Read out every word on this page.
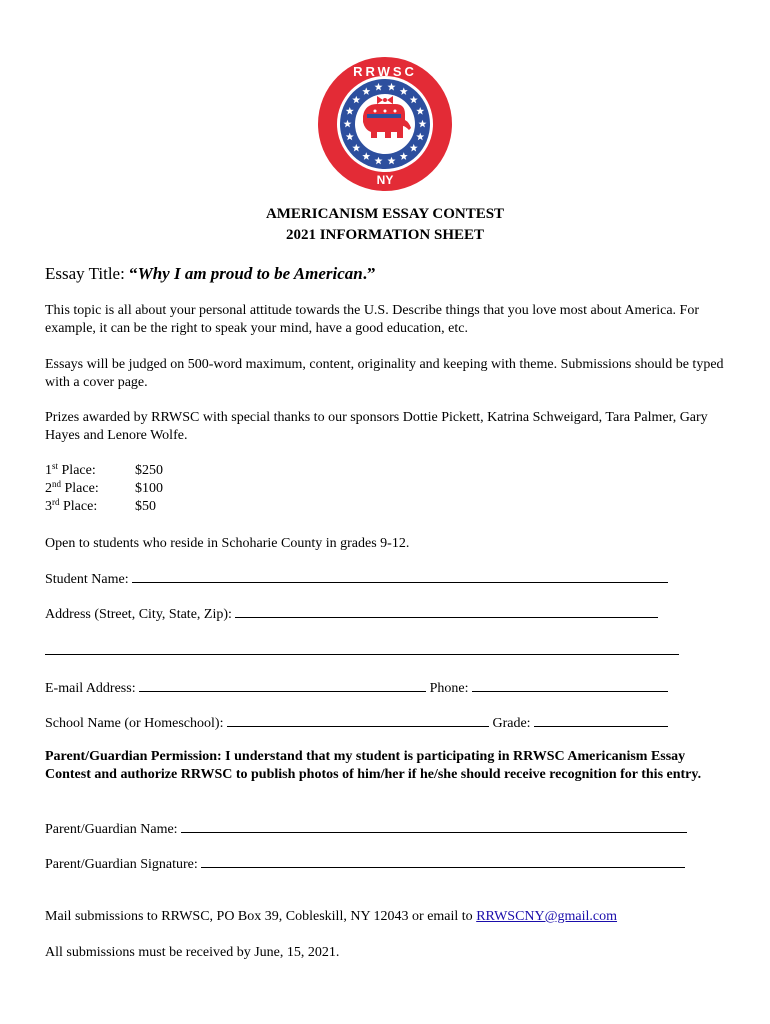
RRWSC
NY
AMERICANISM ESSAY CONTEST
2021 INFORMATION SHEET
Essay Title: “Why I am proud to be American.”
This topic is all about your personal attitude towards the U.S. Describe things that you love most about America. For example, it can be the right to speak your mind, have a good education, etc.
Essays will be judged on 500-word maximum, content, originality and keeping with theme. Submissions should be typed with a cover page.
Prizes awarded by RRWSC with special thanks to our sponsors Dottie Pickett, Katrina Schweigard, Tara Palmer, Gary Hayes and Lenore Wolfe.
1st Place:	$250
2nd Place:	$100
3rd Place:	$50
Open to students who reside in Schoharie County in grades 9-12.
Student Name:
Address (Street, City, State, Zip):
E-mail Address:	Phone:
School Name (or Homeschool):	Grade:
Parent/Guardian Permission: I understand that my student is participating in RRWSC Americanism Essay Contest and authorize RRWSC to publish photos of him/her if he/she should receive recognition for this entry.
Parent/Guardian Name:
Parent/Guardian Signature:
Mail submissions to RRWSC, PO Box 39, Cobleskill, NY 12043 or email to RRWSCNY@gmail.com
All submissions must be received by June, 15, 2021.
